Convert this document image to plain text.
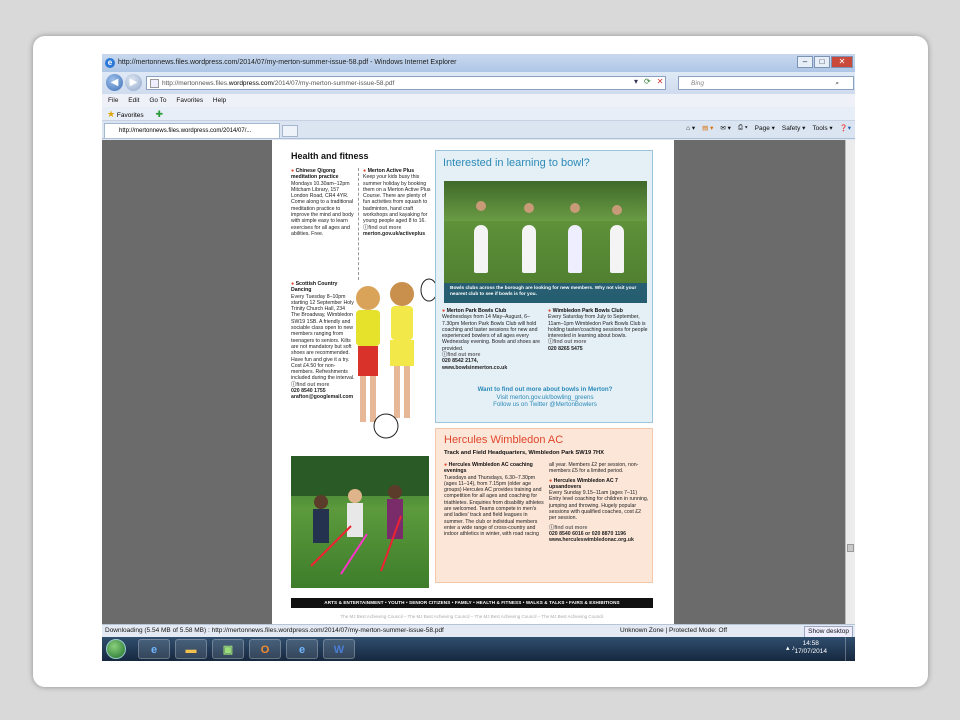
e http://mertonnews.files.wordpress.com/2014/07/my-merton-summer-issue-58.pdf - Windows Internet Explorer	–	□	✕
◀	▶	http://mertonnews.files.wordpress.com/2014/07/my-merton-summer-issue-58.pdf	▾ ⟳ ✕	Bing	⌕
File Edit Go To Favorites Help
★ Favorites ✚
http://mertonnews.files.wordpress.com/2014/07/...	⌂ ▾ ▤ ▾ ✉ ▾ ⎙ ▾ Page ▾ Safety ▾ Tools ▾ ❓▾
Health and fitness
● Chinese Qigong meditation practice
Mondays 10.30am–12pm Mitcham Library, 157 London Road, CR4 4YR. Come along to a traditional meditation practice to improve the mind and body with simple easy to learn exercises for all ages and abilities. Free.
● Scottish Country Dancing
Every Tuesday 8–10pm starting 12 September Holy Trinity Church Hall, 234 The Broadway, Wimbledon SW19 1SB. A friendly and sociable class open to new members ranging from teenagers to seniors. Kilts are not mandatory but soft shoes are recommended. Have fun and give it a try. Cost £4.50 for non-members. Refreshments included during the interval.
ⓘfind out more
020 8540 1755 arafton@googlemail.com
● Merton Active Plus
Keep your kids busy this summer holiday by booking them on a Merton Active Plus Course. There are plenty of fun activities from squash to badminton, hand craft workshops and kayaking for young people aged 8 to 16.
ⓘfind out more
merton.gov.uk/activeplus
Interested in learning to bowl?
Bowls clubs across the borough are looking for new members. Why not visit your nearest club to see if bowls is for you.
● Merton Park Bowls Club
Wednesdays from 14 May–August, 6–7.30pm Merton Park Bowls Club will hold coaching and taster sessions for new and experienced bowlers of all ages every Wednesday evening. Bowls and shoes are provided.
ⓘfind out more
020 8542 2174, www.bowlsinmerton.co.uk
● Wimbledon Park Bowls Club
Every Saturday from July to September, 11am–1pm Wimbledon Park Bowls Club is holding taster/coaching sessions for people interested in learning about bowls.
ⓘfind out more
020 8265 5475
Want to find out more about bowls in Merton?
Visit merton.gov.uk/bowling_greens
Follow us on Twitter @MertonBowlers
Hercules Wimbledon AC
Track and Field Headquarters, Wimbledon Park SW19 7HX
● Hercules Wimbledon AC coaching evenings
Tuesdays and Thursdays, 6.30–7.30pm (ages 11–14), from 7.15pm (older age groups) Hercules AC provides training and competition for all ages and coaching for triathletes. Enquiries from disability athletes are welcomed. Teams compete in men's and ladies' track and field leagues in summer. The club or individual members enter a wide range of cross-country and indoor athletics in winter, with road racing
all year. Members £2 per session, non-members £5 for a limited period.
● Hercules Wimbledon AC 7 upsandovers
Every Sunday 9.15–11am (ages 7–11) Entry level coaching for children in running, jumping and throwing. Hugely popular sessions with qualified coaches, cost £2 per session.
ⓘfind out more
020 8540 6016 or 020 8870 1196 www.herculeswimbledonac.org.uk
ARTS & ENTERTAINMENT • YOUTH • SENIOR CITIZENS • FAMILY • HEALTH & FITNESS • WALKS & TALKS • FAIRS & EXHIBITIONS
The MJ Best Achieving Council – The MJ Best Achieving Council – The MJ Best Achieving Council – The MJ Best Achieving Council
Downloading (5.54 MB of 5.58 MB) : http://mertonnews.files.wordpress.com/2014/07/my-merton-summer-issue-58.pdf	Unknown Zone | Protected Mode: Off	Show desktop
e	▬	▣	O	e	W	▴ ♪
14:58
17/07/2014
